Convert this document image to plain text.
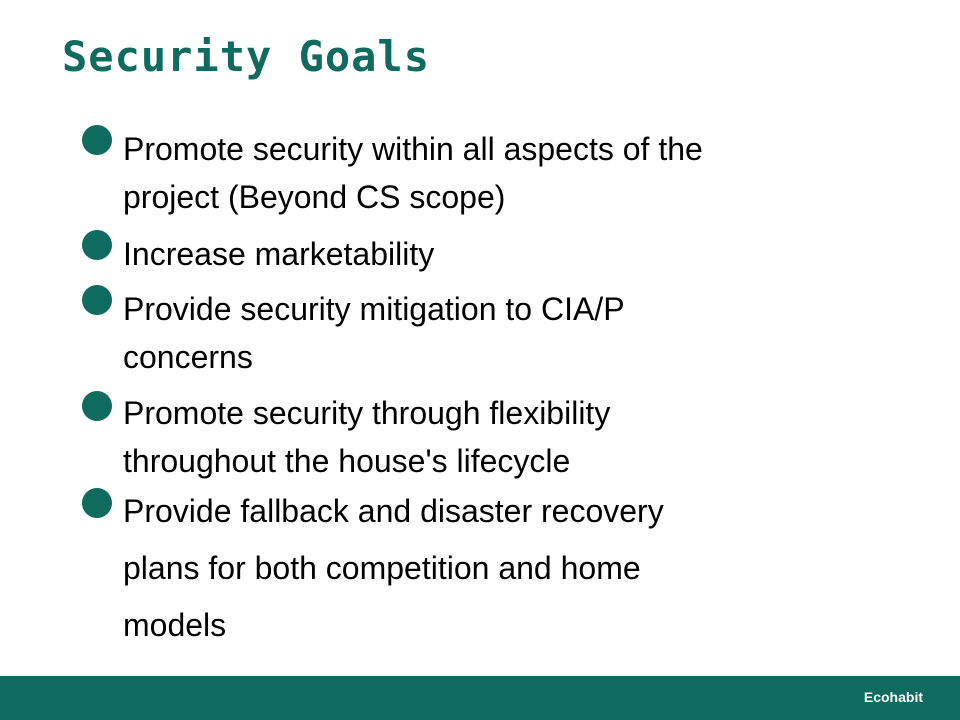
Security Goals
Promote security within all aspects of the
project (Beyond CS scope)
Increase marketability
Provide security mitigation to CIA/P
concerns
Promote security through flexibility
throughout the house's lifecycle
Provide fallback and disaster recovery
plans for both competition and home
models
Ecohabit
